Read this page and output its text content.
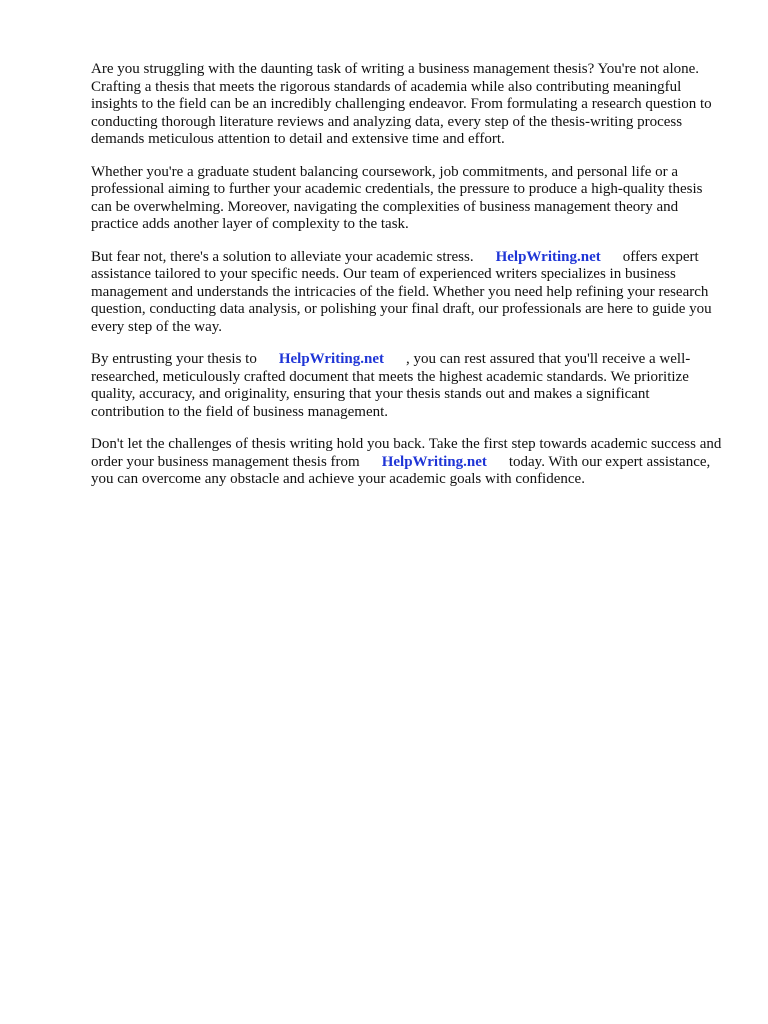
Are you struggling with the daunting task of writing a business management thesis? You're not alone. Crafting a thesis that meets the rigorous standards of academia while also contributing meaningful insights to the field can be an incredibly challenging endeavor. From formulating a research question to conducting thorough literature reviews and analyzing data, every step of the thesis-writing process demands meticulous attention to detail and extensive time and effort.

Whether you're a graduate student balancing coursework, job commitments, and personal life or a professional aiming to further your academic credentials, the pressure to produce a high-quality thesis can be overwhelming. Moreover, navigating the complexities of business management theory and practice adds another layer of complexity to the task.

But fear not, there's a solution to alleviate your academic stress. HelpWriting.net offers expert assistance tailored to your specific needs. Our team of experienced writers specializes in business management and understands the intricacies of the field. Whether you need help refining your research question, conducting data analysis, or polishing your final draft, our professionals are here to guide you every step of the way.

By entrusting your thesis to HelpWriting.net , you can rest assured that you'll receive a well-researched, meticulously crafted document that meets the highest academic standards. We prioritize quality, accuracy, and originality, ensuring that your thesis stands out and makes a significant contribution to the field of business management.

Don't let the challenges of thesis writing hold you back. Take the first step towards academic success and order your business management thesis from HelpWriting.net today. With our expert assistance, you can overcome any obstacle and achieve your academic goals with confidence.
